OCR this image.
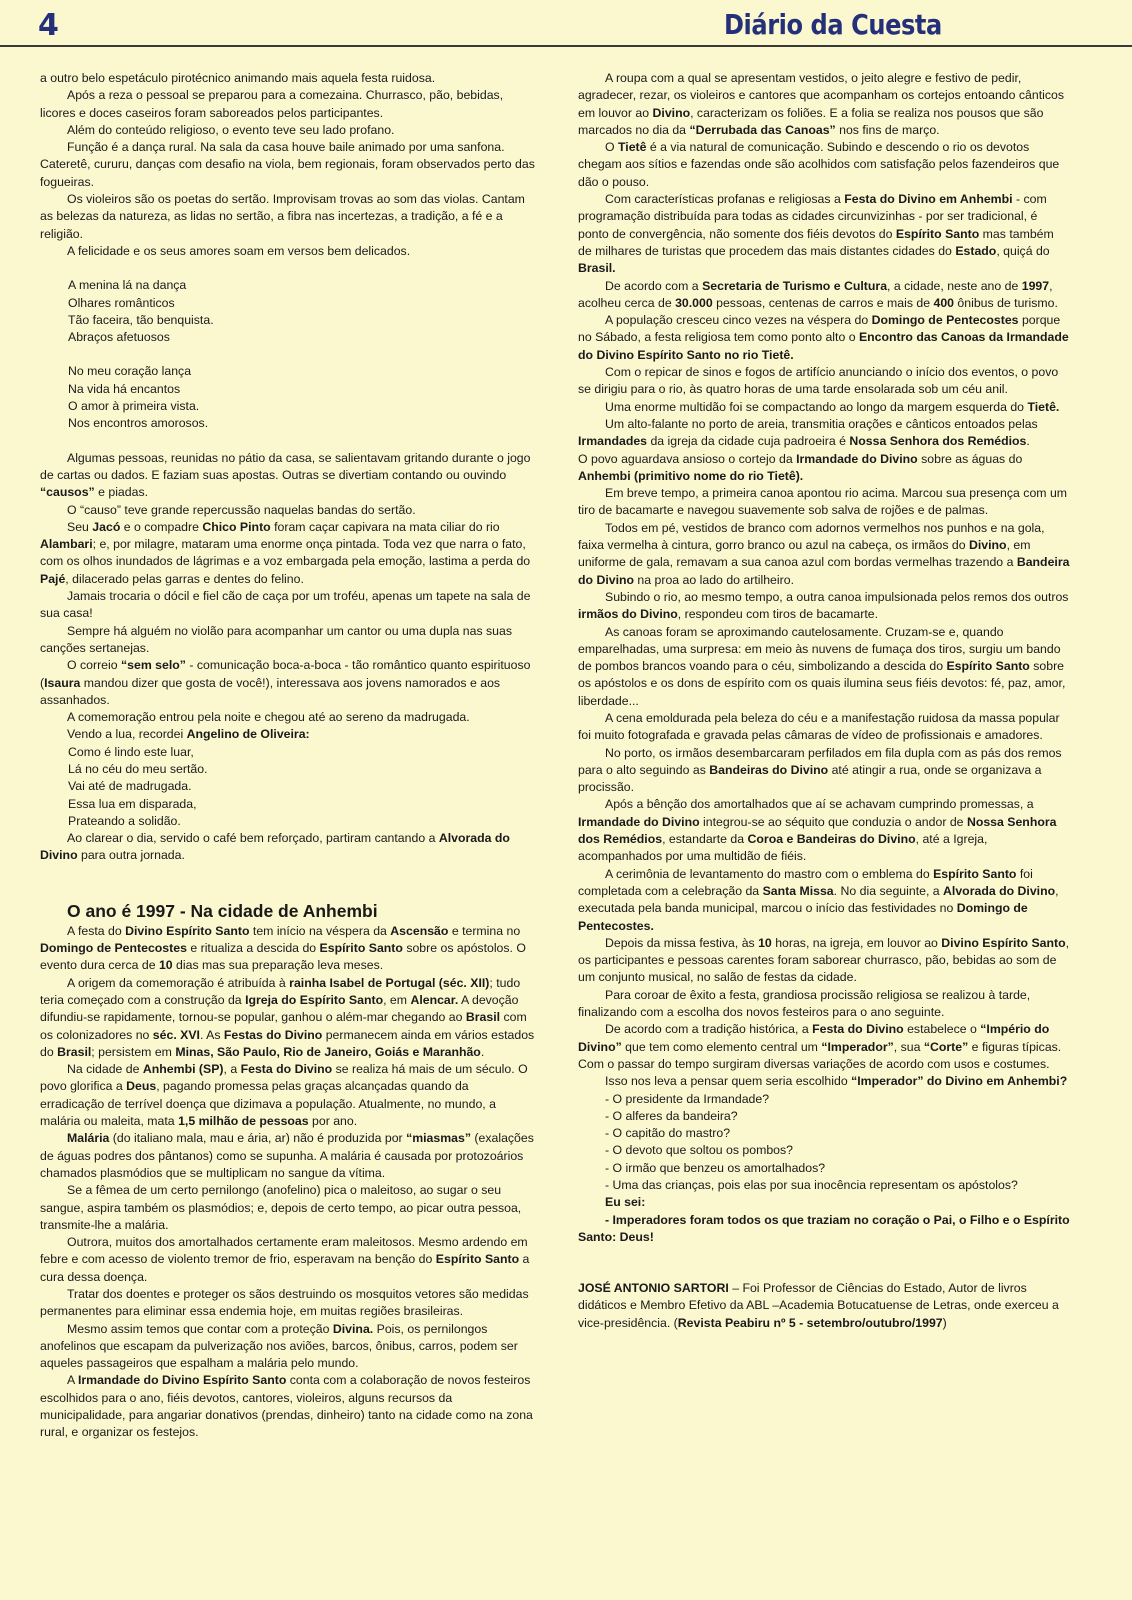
4	Diário da Cuesta

a outro belo espetáculo pirotécnico animando mais aquela festa ruidosa.

Após a reza o pessoal se preparou para a comezaina. Churrasco, pão, bebidas, licores e doces caseiros foram saboreados pelos participantes.

Além do conteúdo religioso, o evento teve seu lado profano.

Função é a dança rural. Na sala da casa houve baile animado por uma sanfona. Cateretê, cururu, danças com desafio na viola, bem regionais, foram observados perto das fogueiras.

Os violeiros são os poetas do sertão. Improvisam trovas ao som das violas. Cantam as belezas da natureza, as lidas no sertão, a fibra nas incertezas, a tradição, a fé e a religião.

A felicidade e os seus amores soam em versos bem delicados.

A menina lá na dança

Olhares românticos

Tão faceira, tão benquista.

Abraços afetuosos

No meu coração lança

Na vida há encantos

O amor à primeira vista.

Nos encontros amorosos.

Algumas pessoas, reunidas no pátio da casa, se salientavam gritando durante o jogo de cartas ou dados. E faziam suas apostas. Outras se divertiam contando ou ouvindo “causos” e piadas.

O “causo” teve grande repercussão naquelas bandas do sertão.

Seu Jacó e o compadre Chico Pinto foram caçar capivara na mata ciliar do rio Alambari; e, por milagre, mataram uma enorme onça pintada. Toda vez que narra o fato, com os olhos inundados de lágrimas e a voz embargada pela emoção, lastima a perda do Pajé, dilacerado pelas garras e dentes do felino.

Jamais trocaria o dócil e fiel cão de caça por um troféu, apenas um tapete na sala de sua casa!

Sempre há alguém no violão para acompanhar um cantor ou uma dupla nas suas canções sertanejas.

O correio “sem selo” - comunicação boca-a-boca - tão romântico quanto espirituoso (Isaura mandou dizer que gosta de você!), interessava aos jovens namorados e aos assanhados.

A comemoração entrou pela noite e chegou até ao sereno da madrugada.

Vendo a lua, recordei Angelino de Oliveira:

Como é lindo este luar,

Lá no céu do meu sertão.

Vai até de madrugada.

Essa lua em disparada,

Prateando a solidão.

Ao clarear o dia, servido o café bem reforçado, partiram cantando a Alvorada do Divino para outra jornada.

O ano é 1997 - Na cidade de Anhembi

A festa do Divino Espírito Santo tem início na véspera da Ascensão e termina no Domingo de Pentecostes e ritualiza a descida do Espírito Santo sobre os apóstolos. O evento dura cerca de 10 dias mas sua preparação leva meses.

A origem da comemoração é atribuída à rainha Isabel de Portugal (séc. XII); tudo teria começado com a construção da Igreja do Espírito Santo, em Alencar. A devoção difundiu-se rapidamente, tornou-se popular, ganhou o além-mar chegando ao Brasil com os colonizadores no séc. XVI. As Festas do Divino permanecem ainda em vários estados do Brasil; persistem em Minas, São Paulo, Rio de Janeiro, Goiás e Maranhão.

Na cidade de Anhembi (SP), a Festa do Divino se realiza há mais de um século. O povo glorifica a Deus, pagando promessa pelas graças alcançadas quando da erradicação de terrível doença que dizimava a população. Atualmente, no mundo, a malária ou maleita, mata 1,5 milhão de pessoas por ano.

Malária (do italiano mala, mau e ária, ar) não é produzida por “miasmas” (exalações de águas podres dos pântanos) como se supunha. A malária é causada por protozoários chamados plasmódios que se multiplicam no sangue da vítima.

Se a fêmea de um certo pernilongo (anofelino) pica o maleitoso, ao sugar o seu sangue, aspira também os plasmódios; e, depois de certo tempo, ao picar outra pessoa, transmite-lhe a malária.

Outrora, muitos dos amortalhados certamente eram maleitosos. Mesmo ardendo em febre e com acesso de violento tremor de frio, esperavam na benção do Espírito Santo a cura dessa doença.

Tratar dos doentes e proteger os sãos destruindo os mosquitos vetores são medidas permanentes para eliminar essa endemia hoje, em muitas regiões brasileiras.

Mesmo assim temos que contar com a proteção Divina. Pois, os pernilongos anofelinos que escapam da pulverização nos aviões, barcos, ônibus, carros, podem ser aqueles passageiros que espalham a malária pelo mundo.

A Irmandade do Divino Espírito Santo conta com a colaboração de novos festeiros escolhidos para o ano, fiéis devotos, cantores, violeiros, alguns recursos da municipalidade, para angariar donativos (prendas, dinheiro) tanto na cidade como na zona rural, e organizar os festejos.

A roupa com a qual se apresentam vestidos, o jeito alegre e festivo de pedir, agradecer, rezar, os violeiros e cantores que acompanham os cortejos entoando cânticos em louvor ao Divino, caracterizam os foliões. E a folia se realiza nos pousos que são marcados no dia da “Derrubada das Canoas” nos fins de março.

O Tietê é a via natural de comunicação. Subindo e descendo o rio os devotos chegam aos sítios e fazendas onde são acolhidos com satisfação pelos fazendeiros que dão o pouso.

Com características profanas e religiosas a Festa do Divino em Anhembi - com programação distribuída para todas as cidades circunvizinhas - por ser tradicional, é ponto de convergência, não somente dos fiéis devotos do Espírito Santo mas também de milhares de turistas que procedem das mais distantes cidades do Estado, quiçá do Brasil.

De acordo com a Secretaria de Turismo e Cultura, a cidade, neste ano de 1997, acolheu cerca de 30.000 pessoas, centenas de carros e mais de 400 ônibus de turismo.

A população cresceu cinco vezes na véspera do Domingo de Pentecostes porque no Sábado, a festa religiosa tem como ponto alto o Encontro das Canoas da Irmandade do Divino Espírito Santo no rio Tietê.

Com o repicar de sinos e fogos de artifício anunciando o início dos eventos, o povo se dirigiu para o rio, às quatro horas de uma tarde ensolarada sob um céu anil.

Uma enorme multidão foi se compactando ao longo da margem esquerda do Tietê.

Um alto-falante no porto de areia, transmitia orações e cânticos entoados pelas Irmandades da igreja da cidade cuja padroeira é Nossa Senhora dos Remédios.

O povo aguardava ansioso o cortejo da Irmandade do Divino sobre as águas do Anhembi (primitivo nome do rio Tietê).

Em breve tempo, a primeira canoa apontou rio acima. Marcou sua presença com um tiro de bacamarte e navegou suavemente sob salva de rojões e de palmas.

Todos em pé, vestidos de branco com adornos vermelhos nos punhos e na gola, faixa vermelha à cintura, gorro branco ou azul na cabeça, os irmãos do Divino, em uniforme de gala, remavam a sua canoa azul com bordas vermelhas trazendo a Bandeira do Divino na proa ao lado do artilheiro.

Subindo o rio, ao mesmo tempo, a outra canoa impulsionada pelos remos dos outros irmãos do Divino, respondeu com tiros de bacamarte.

As canoas foram se aproximando cautelosamente. Cruzam-se e, quando emparelhadas, uma surpresa: em meio às nuvens de fumaça dos tiros, surgiu um bando de pombos brancos voando para o céu, simbolizando a descida do Espírito Santo sobre os apóstolos e os dons de espírito com os quais ilumina seus fiéis devotos: fé, paz, amor, liberdade...

A cena emoldurada pela beleza do céu e a manifestação ruidosa da massa popular foi muito fotografada e gravada pelas câmaras de vídeo de profissionais e amadores.

No porto, os irmãos desembarcaram perfilados em fila dupla com as pás dos remos para o alto seguindo as Bandeiras do Divino até atingir a rua, onde se organizava a procissão.

Após a bênção dos amortalhados que aí se achavam cumprindo promessas, a Irmandade do Divino integrou-se ao séquito que conduzia o andor de Nossa Senhora dos Remédios, estandarte da Coroa e Bandeiras do Divino, até a Igreja, acompanhados por uma multidão de fiéis.

A cerimônia de levantamento do mastro com o emblema do Espírito Santo foi completada com a celebração da Santa Missa. No dia seguinte, a Alvorada do Divino, executada pela banda municipal, marcou o início das festividades no Domingo de Pentecostes.

Depois da missa festiva, às 10 horas, na igreja, em louvor ao Divino Espírito Santo, os participantes e pessoas carentes foram saborear churrasco, pão, bebidas ao som de um conjunto musical, no salão de festas da cidade.

Para coroar de êxito a festa, grandiosa procissão religiosa se realizou à tarde, finalizando com a escolha dos novos festeiros para o ano seguinte.

De acordo com a tradição histórica, a Festa do Divino estabelece o “Império do Divino” que tem como elemento central um “Imperador”, sua “Corte” e figuras típicas. Com o passar do tempo surgiram diversas variações de acordo com usos e costumes.

Isso nos leva a pensar quem seria escolhido “Imperador” do Divino em Anhembi?

- O presidente da Irmandade?

- O alferes da bandeira?

- O capitão do mastro?

- O devoto que soltou os pombos?

- O irmão que benzeu os amortalhados?

- Uma das crianças, pois elas por sua inocência representam os apóstolos?

Eu sei:

- Imperadores foram todos os que traziam no coração o Pai, o Filho e o Espírito Santo: Deus!

JOSÉ ANTONIO SARTORI – Foi Professor de Ciências do Estado, Autor de livros didáticos e Membro Efetivo da ABL –Academia Botucatuense de Letras, onde exerceu a vice-presidência. (Revista Peabiru nº 5 - setembro/outubro/1997)
